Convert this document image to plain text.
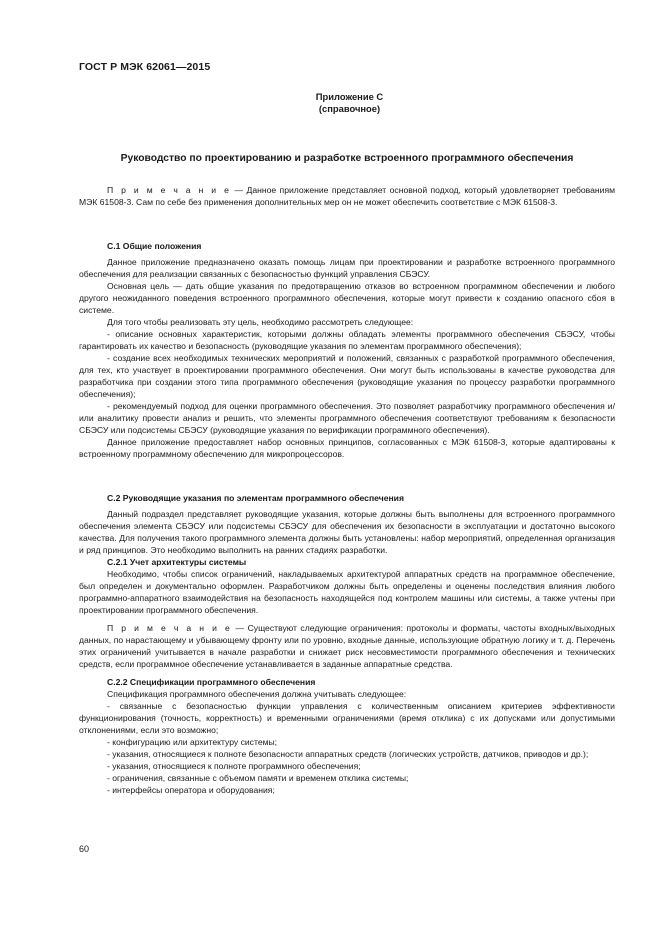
ГОСТ Р МЭК 62061—2015
Приложение С
(справочное)
Руководство по проектированию и разработке встроенного программного обеспечения

П р и м е ч а н и е — Данное приложение представляет основной подход, который удовлетворяет требованиям МЭК 61508-3. Сам по себе без применения дополнительных мер он не может обеспечить соответствие с МЭК 61508-3.

С.1 Общие положения

Данное приложение предназначено оказать помощь лицам при проектировании и разработке встроенного программного обеспечения для реализации связанных с безопасностью функций управления СБЭСУ.

Основная цель — дать общие указания по предотвращению отказов во встроенном программном обеспечении и любого другого неожиданного поведения встроенного программного обеспечения, которые могут привести к созданию опасного сбоя в системе.

Для того чтобы реализовать эту цель, необходимо рассмотреть следующее:

- описание основных характеристик, которыми должны обладать элементы программного обеспечения СБЭСУ, чтобы гарантировать их качество и безопасность (руководящие указания по элементам программного обеспечения);

- создание всех необходимых технических мероприятий и положений, связанных с разработкой программного обеспечения, для тех, кто участвует в проектировании программного обеспечения. Они могут быть использованы в качестве руководства для разработчика при создании этого типа программного обеспечения (руководящие указания по процессу разработки программного обеспечения);

- рекомендуемый подход для оценки программного обеспечения. Это позволяет разработчику программного обеспечения и/или аналитику провести анализ и решить, что элементы программного обеспечения соответствуют требованиям к безопасности СБЭСУ или подсистемы СБЭСУ (руководящие указания по верификации программного обеспечения).

Данное приложение предоставляет набор основных принципов, согласованных с МЭК 61508-3, которые адаптированы к встроенному программному обеспечению для микропроцессоров.

С.2 Руководящие указания по элементам программного обеспечения

Данный подраздел представляет руководящие указания, которые должны быть выполнены для встроенного программного обеспечения элемента СБЭСУ или подсистемы СБЭСУ для обеспечения их безопасности в эксплуатации и достаточно высокого качества. Для получения такого программного элемента должны быть установлены: набор мероприятий, определенная организация и ряд принципов. Это необходимо выполнить на ранних стадиях разработки.

С.2.1 Учет архитектуры системы

Необходимо, чтобы список ограничений, накладываемых архитектурой аппаратных средств на программное обеспечение, был определен и документально оформлен. Разработчиком должны быть определены и оценены последствия влияния любого программно-аппаратного взаимодействия на безопасность находящейся под контролем машины или системы, а также учтены при проектировании программного обеспечения.

П р и м е ч а н и е — Существуют следующие ограничения: протоколы и форматы, частоты входных/выходных данных, по нарастающему и убывающему фронту или по уровню, входные данные, использующие обратную логику и т. д. Перечень этих ограничений учитывается в начале разработки и снижает риск несовместимости программного обеспечения и технических средств, если программное обеспечение устанавливается в заданные аппаратные средства.

С.2.2 Спецификации программного обеспечения

Спецификация программного обеспечения должна учитывать следующее:

- связанные с безопасностью функции управления с количественным описанием критериев эффективности функционирования (точность, корректность) и временными ограничениями (время отклика) с их допусками или допустимыми отклонениями, если это возможно;

- конфигурацию или архитектуру системы;

- указания, относящиеся к полноте безопасности аппаратных средств (логических устройств, датчиков, приводов и др.);

- указания, относящиеся к полноте программного обеспечения;

- ограничения, связанные с объемом памяти и временем отклика системы;

- интерфейсы оператора и оборудования;

60
